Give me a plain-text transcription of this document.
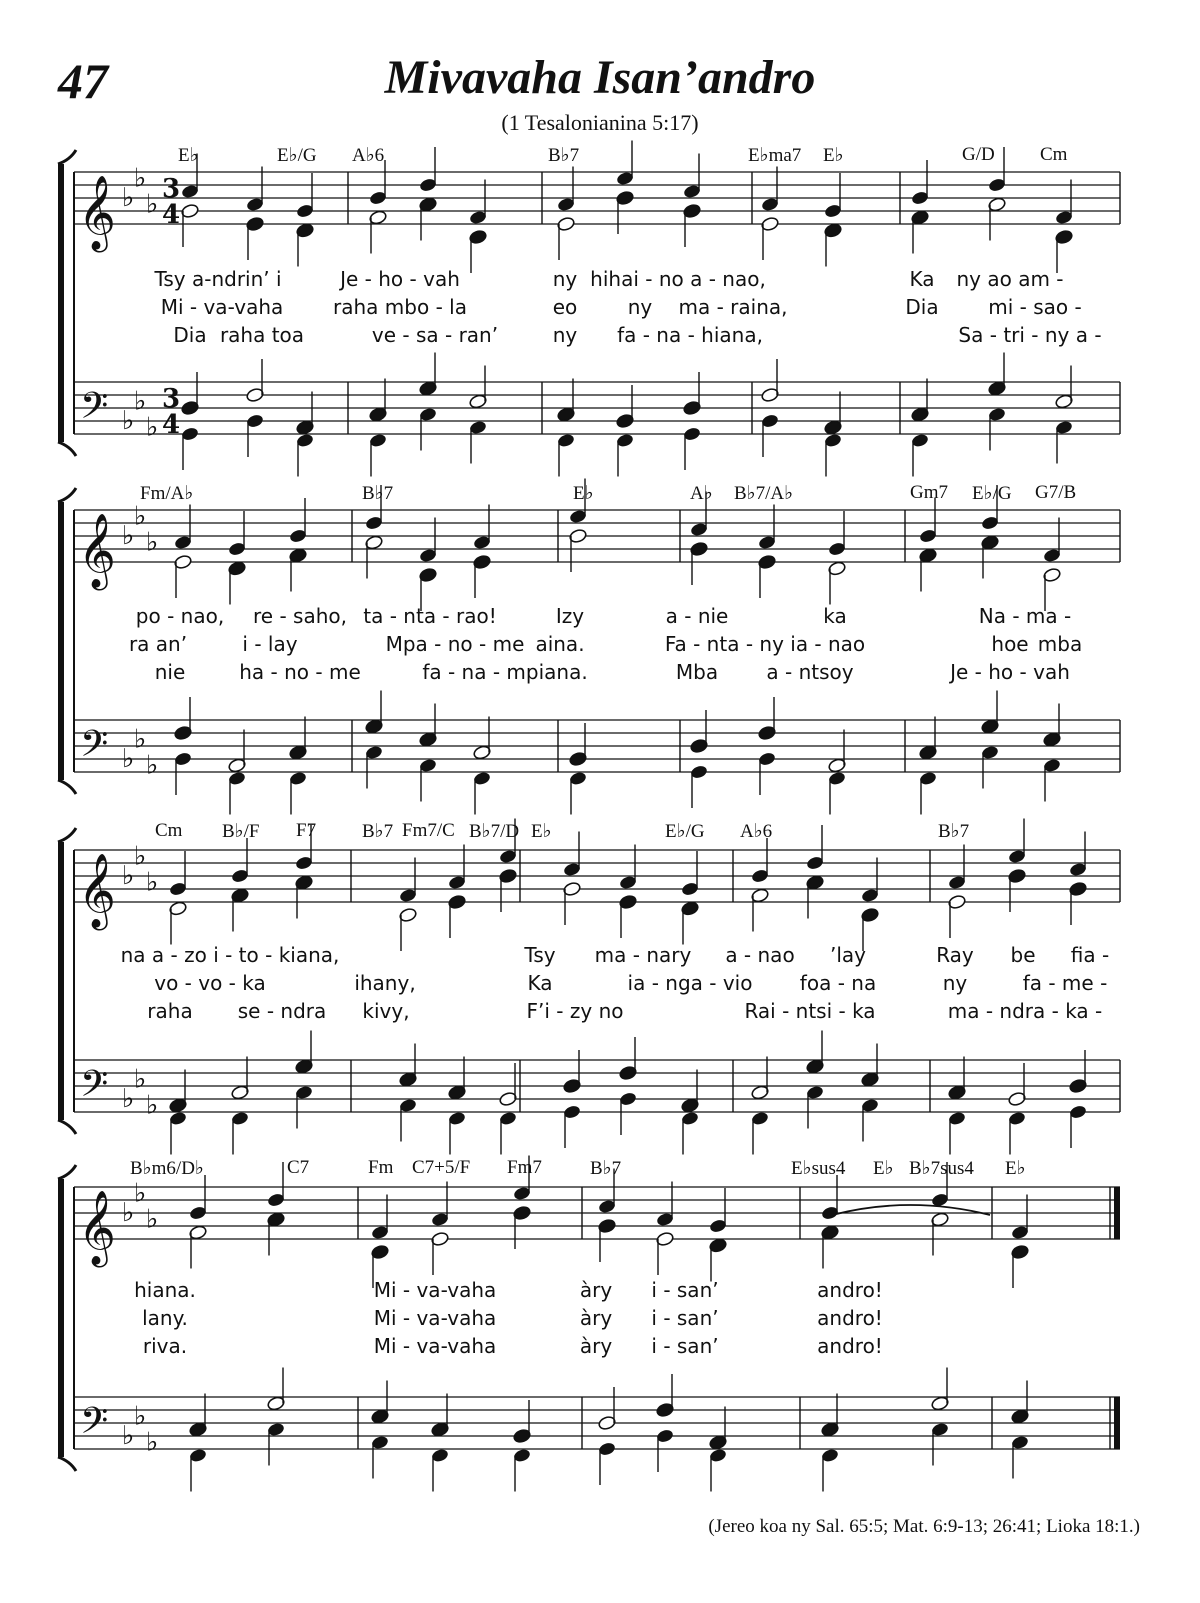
47	Mivavaha Isan’andro
(1 Tesalonianina 5:17)
𝄞
𝄢
♭
♭
♭
♭
♭
♭
3
4
3
4
𝄞
𝄢
♭
♭
♭
♭
♭
♭
𝄞
𝄢
♭
♭
♭
♭
♭
♭
𝄞
𝄢
♭
♭
♭
♭
♭
♭
E♭	E♭/G A♭6	B♭7	E♭ma7 E♭	G/D Cm
Tsy a-ndrin’ i	Je - ho - vah	ny hihai - no a - nao,	Ka ny ao am -
Mi - va-vaha raha mbo - la	eo	ny ma - raina,	Dia mi - sao -
Dia raha toa	ve - sa - ran’	ny fa - na - hiana,	Sa - tri - ny a -
Fm/A♭	B♭7	E♭	A♭ B♭7/A♭	Gm7 E♭/G G7/B
po - nao, re - saho, ta - nta - rao!	Izy	a - nie	ka	Na - ma -
ra an’	i - lay	Mpa - no - me aina.	Fa - nta - ny ia - nao	hoe mba
nie	ha - no - me	fa - na - mpiana.	Mba a - ntsoy	Je - ho - vah
Cm B♭/F F7 B♭7 Fm7/C B♭7/D E♭	E♭/G A♭6	B♭7
na a - zo i - to - kiana,	Tsy ma - nary a - nao ’lay	Ray be fia -
vo - vo - ka	ihany,	Ka	ia - nga - vio foa - na	ny	fa - me -
raha se - ndra kivy,	F’i - zy no	Rai - ntsi - ka	ma - ndra - ka -
B♭m6/D♭	C7	Fm C7+5/F Fm7	B♭7	E♭sus4 E♭ B♭7sus4 E♭
hiana.	Mi - va-vaha	àry i - san’	andro!
lany.	Mi - va-vaha	àry i - san’	andro!
riva.	Mi - va-vaha	àry i - san’	andro!
(Jereo koa ny Sal. 65:5; Mat. 6:9-13; 26:41; Lioka 18:1.)
